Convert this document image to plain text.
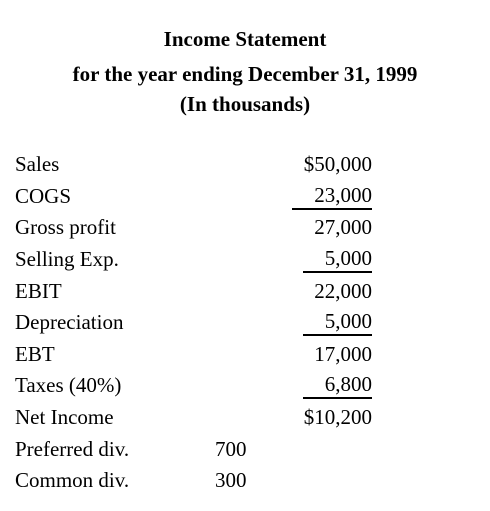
Income Statement
for the year ending December 31, 1999
(In thousands)
Sales	$50,000
COGS	23,000
Gross profit	27,000
Selling Exp.	5,000
EBIT	22,000
Depreciation	5,000
EBT	17,000
Taxes (40%)	6,800
Net Income	$10,200
Preferred div.	700
Common div.	300
